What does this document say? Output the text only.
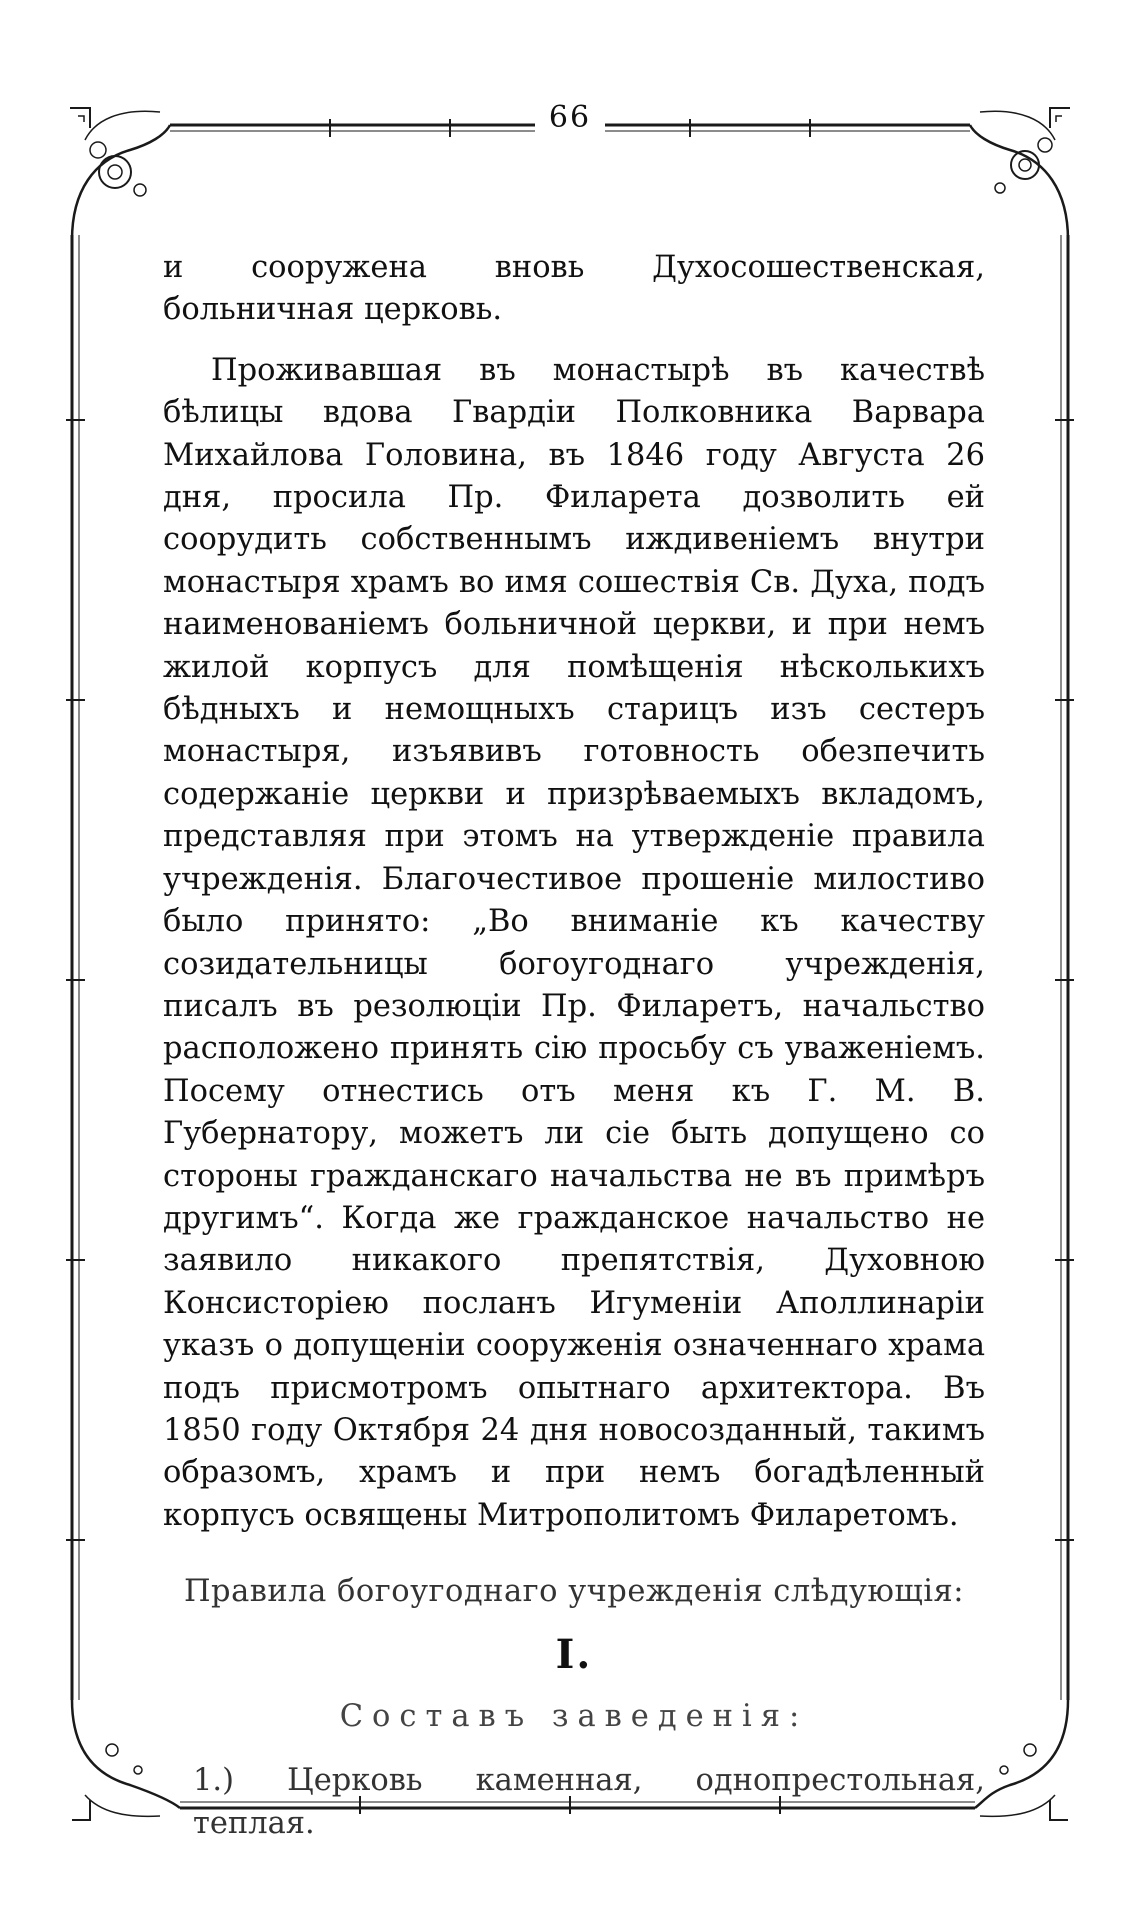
66

и сооружена вновь Духосошественская, больничная церковь.

Проживавшая въ монастырѣ въ качествѣ бѣлицы вдова Гвардіи Полковника Варвара Михайлова Головина, въ 1846 году Августа 26 дня, просила Пр. Филарета дозволить ей соорудить собственнымъ иждивеніемъ внутри монастыря храмъ во имя сошествія Св. Духа, подъ наименованіемъ больничной церкви, и при немъ жилой корпусъ для помѣщенія нѣсколькихъ бѣдныхъ и немощныхъ старицъ изъ сестеръ монастыря, изъявивъ готовность обезпечить содержаніе церкви и призрѣваемыхъ вкладомъ, представляя при этомъ на утвержденіе правила учрежденія. Благочестивое прошеніе милостиво было принято: „Во вниманіе къ качеству созидательницы богоугоднаго учрежденія, писалъ въ резолюціи Пр. Филаретъ, начальство расположено принять сію просьбу съ уваженіемъ. Посему отнестись отъ меня къ Г. М. В. Губернатору, можетъ ли сіе быть допущено со стороны гражданскаго начальства не въ примѣръ другимъ“. Когда же гражданское начальство не заявило никакого препятствія, Духовною Консисторіею посланъ Игуменіи Аполлинаріи указъ о допущеніи сооруженія означеннаго храма подъ присмотромъ опытнаго архитектора. Въ 1850 году Октября 24 дня новосозданный, такимъ образомъ, храмъ и при немъ богадѣленный корпусъ освящены Митрополитомъ Филаретомъ.

Правила богоугоднаго учрежденія слѣдующія:

I.

Составъ заведенія:

1.) Церковь каменная, однопрестольная, теплая.
